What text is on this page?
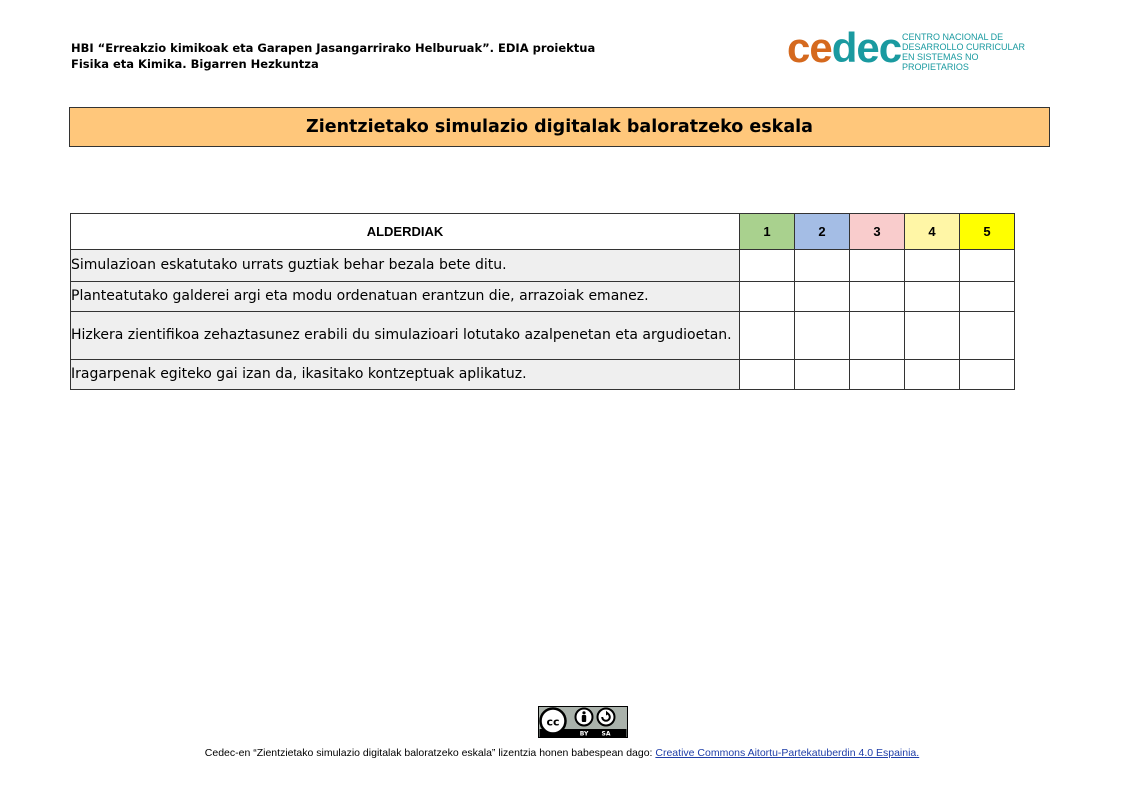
HBI “Erreakzio kimikoak eta Garapen Jasangarrirako Helburuak”. EDIA proiektua
Fisika eta Kimika. Bigarren Hezkuntza	cedec CENTRO NACIONAL DE
DESARROLLO CURRICULAR
EN SISTEMAS NO PROPIETARIOS
Zientzietako simulazio digitalak baloratzeko eskala
ALDERDIAK	1	2	3	4	5
Simulazioan eskatutako urrats guztiak behar bezala bete ditu.					
Planteatutako galderei argi eta modu ordenatuan erantzun die, arrazoiak emanez.					
Hizkera zientifikoa zehaztasunez erabili du simulazioari lotutako azalpenetan eta argudioetan.					
Iragarpenak egiteko gai izan da, ikasitako kontzeptuak aplikatuz.					
cc
BY SA
Cedec-en “Zientzietako simulazio digitalak baloratzeko eskala” lizentzia honen babespean dago: Creative Commons Aitortu-Partekatuberdin 4.0 Espainia.
